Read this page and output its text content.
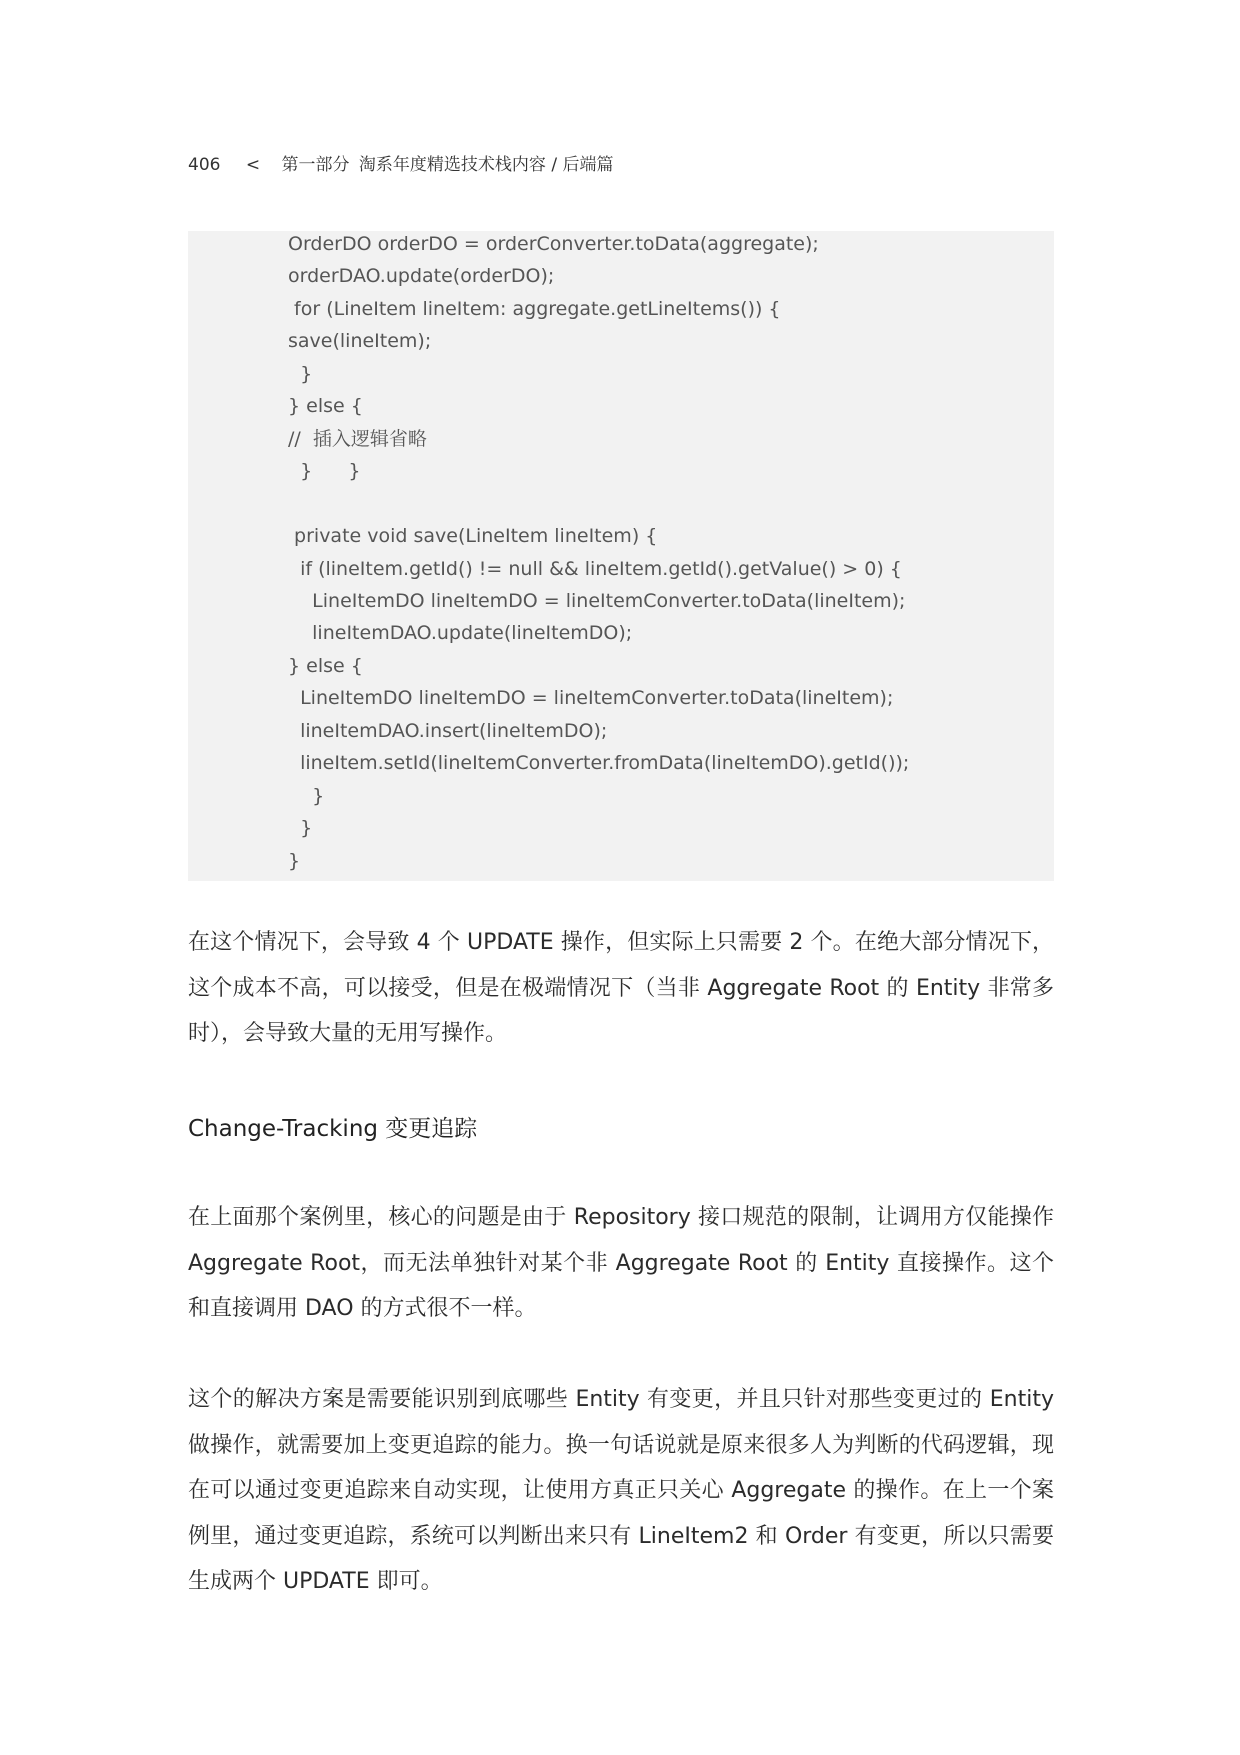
406 < 第一部分 淘系年度精选技术栈内容 / 后端篇
OrderDO orderDO = orderConverter.toData(aggregate);
orderDAO.update(orderDO);
for (LineItem lineItem: aggregate.getLineItems()) {
save(lineItem);
}
} else {
//  插入逻辑省略
}      }
private void save(LineItem lineItem) {
if (lineItem.getId() != null && lineItem.getId().getValue() > 0) {
LineItemDO lineItemDO = lineItemConverter.toData(lineItem);
lineItemDAO.update(lineItemDO);
} else {
LineItemDO lineItemDO = lineItemConverter.toData(lineItem);
lineItemDAO.insert(lineItemDO);
lineItem.setId(lineItemConverter.fromData(lineItemDO).getId());
}
}
}

在这个情况下，会导致 4 个 UPDATE 操作，但实际上只需要 2 个。在绝大部分情况下，这个成本不高，可以接受，但是在极端情况下（当非 Aggregate Root 的 Entity 非常多时），会导致大量的无用写操作。

Change-Tracking 变更追踪

在上面那个案例里，核心的问题是由于 Repository 接口规范的限制，让调用方仅能操作 Aggregate Root，而无法单独针对某个非 Aggregate Root 的 Entity 直接操作。这个和直接调用 DAO 的方式很不一样。

这个的解决方案是需要能识别到底哪些 Entity 有变更，并且只针对那些变更过的 Entity 做操作，就需要加上变更追踪的能力。换一句话说就是原来很多人为判断的代码逻辑，现在可以通过变更追踪来自动实现，让使用方真正只关心 Aggregate 的操作。在上一个案例里，通过变更追踪，系统可以判断出来只有 LineItem2 和 Order 有变更，所以只需要生成两个 UPDATE 即可。
